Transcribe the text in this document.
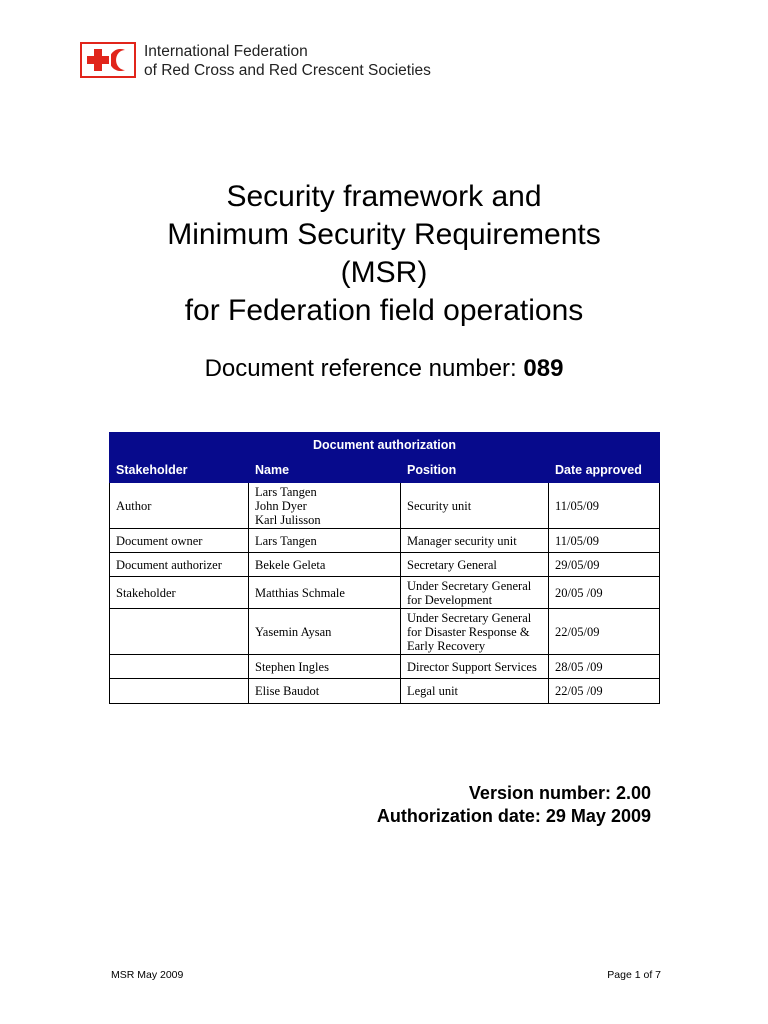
International Federation
of Red Cross and Red Crescent Societies
Security framework and
Minimum Security Requirements
(MSR)
for Federation field operations
Document reference number: 089
Document authorization			
Stakeholder	Name	Position	Date approved
Author	Lars Tangen
John Dyer
Karl Julisson	Security unit	11/05/09
Document owner	Lars Tangen	Manager security unit	11/05/09
Document authorizer	Bekele Geleta	Secretary General	29/05/09
Stakeholder	Matthias Schmale	Under Secretary General
for Development	20/05 /09

	Yasemin Aysan	Under Secretary General
for Disaster Response &
Early Recovery	22/05/09

	Stephen Ingles	Director Support Services	28/05 /09

	Elise Baudot	Legal unit	22/05 /09
Version number: 2.00
Authorization date: 29 May 2009
MSR May 2009	Page 1 of 7
